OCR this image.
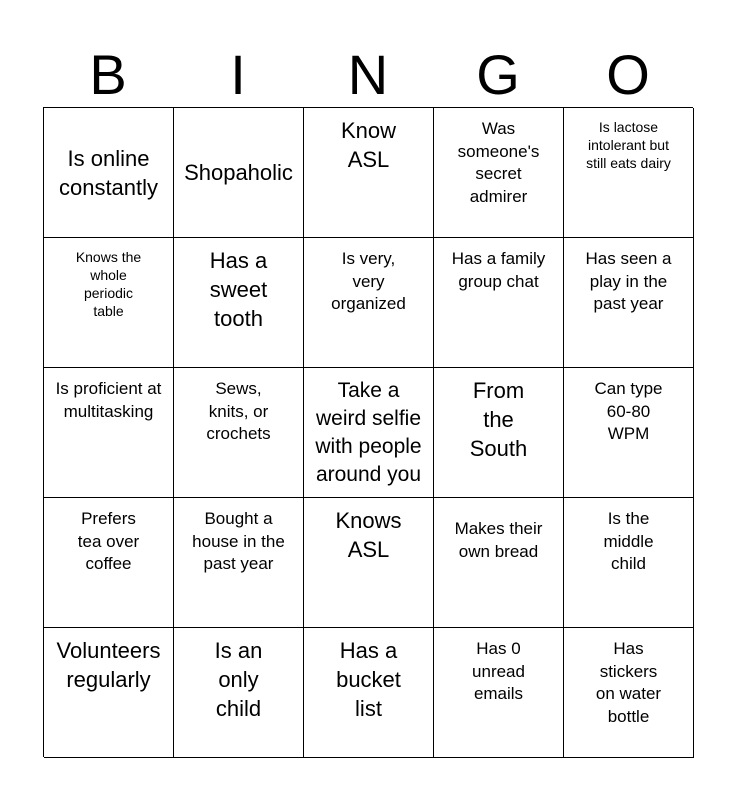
B	I	N	G	O
Is online constantly
Shopaholic
Know ASL
Was someone's secret admirer
Is lactose intolerant but still eats dairy
Knows the whole periodic table
Has a sweet tooth
Is very, very organized
Has a family group chat
Has seen a play in the past year
Is proficient at multitasking
Sews, knits, or crochets
Take a weird selfie with people around you
From the South
Can type 60-80 WPM
Prefers tea over coffee
Bought a house in the past year
Knows ASL
Makes their own bread
Is the middle child
Volunteers regularly
Is an only child
Has a bucket list
Has 0 unread emails
Has stickers on water bottle
